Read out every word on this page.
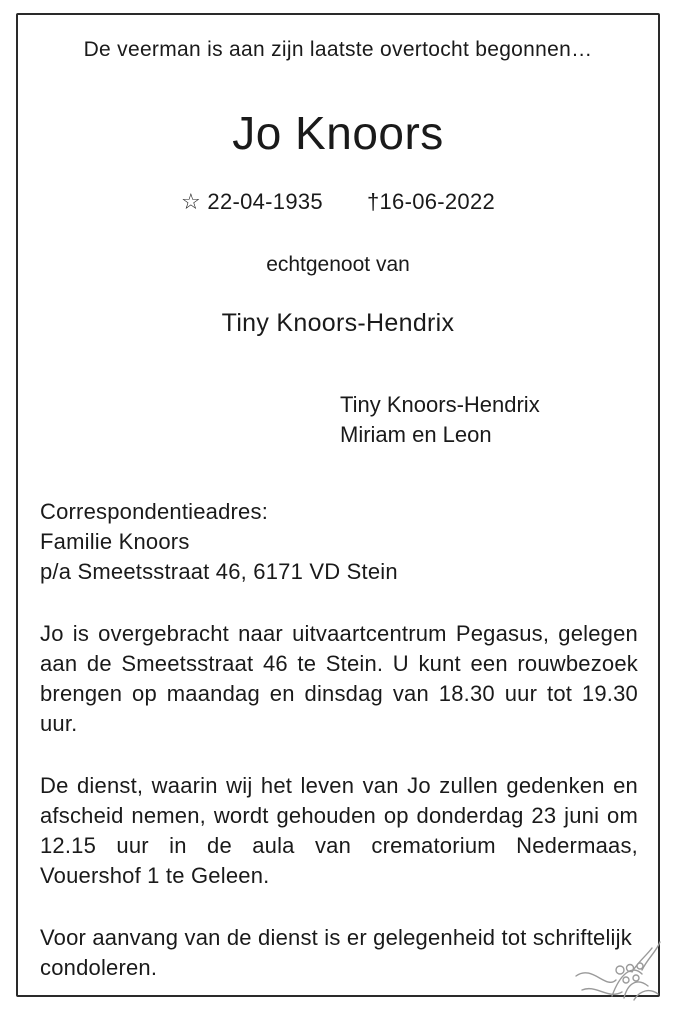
De veerman is aan zijn laatste overtocht begonnen…
Jo Knoors
☆ 22-04-1935 †16-06-2022
echtgenoot van
Tiny Knoors-Hendrix
Tiny Knoors-Hendrix
Miriam en Leon
Correspondentieadres:
Familie Knoors
p/a Smeetsstraat 46, 6171 VD Stein
Jo is overgebracht naar uitvaartcentrum Pegasus, gelegen aan de Smeetsstraat 46 te Stein. U kunt een rouwbezoek brengen op maandag en dinsdag van 18.30 uur tot 19.30 uur.
De dienst, waarin wij het leven van Jo zullen gedenken en afscheid nemen, wordt gehouden op donderdag 23 juni om 12.15 uur in de aula van crematorium Nedermaas, Vouershof 1 te Geleen.
Voor aanvang van de dienst is er gelegenheid tot schriftelijk condoleren.
